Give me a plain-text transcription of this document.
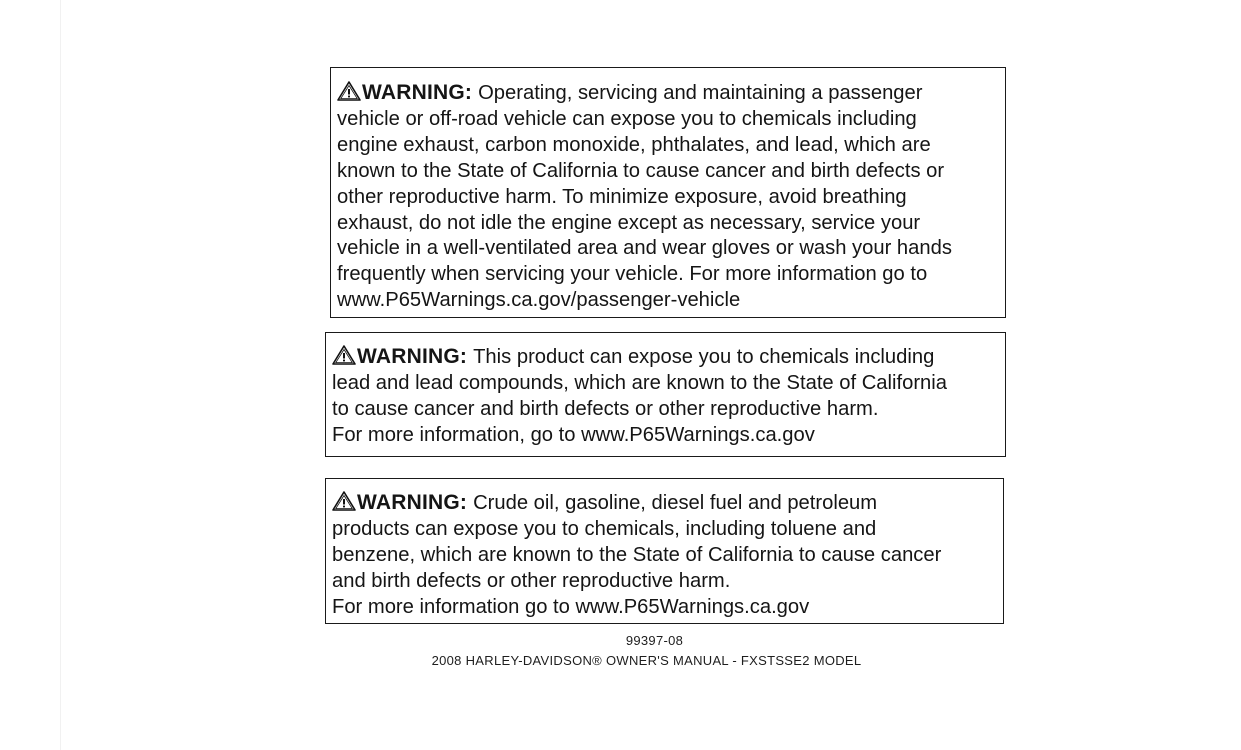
WARNING: Operating, servicing and maintaining a passenger
vehicle or off-road vehicle can expose you to chemicals including
engine exhaust, carbon monoxide, phthalates, and lead, which are
known to the State of California to cause cancer and birth defects or
other reproductive harm. To minimize exposure, avoid breathing
exhaust, do not idle the engine except as necessary, service your
vehicle in a well-ventilated area and wear gloves or wash your hands
frequently when servicing your vehicle. For more information go to
www.P65Warnings.ca.gov/passenger-vehicle
WARNING: This product can expose you to chemicals including
lead and lead compounds, which are known to the State of California
to cause cancer and birth defects or other reproductive harm.
For more information, go to www.P65Warnings.ca.gov
WARNING: Crude oil, gasoline, diesel fuel and petroleum
products can expose you to chemicals, including toluene and
benzene, which are known to the State of California to cause cancer
and birth defects or other reproductive harm.
For more information go to www.P65Warnings.ca.gov
99397-08
2008 HARLEY-DAVIDSON® OWNER'S MANUAL - FXSTSSE2 MODEL
